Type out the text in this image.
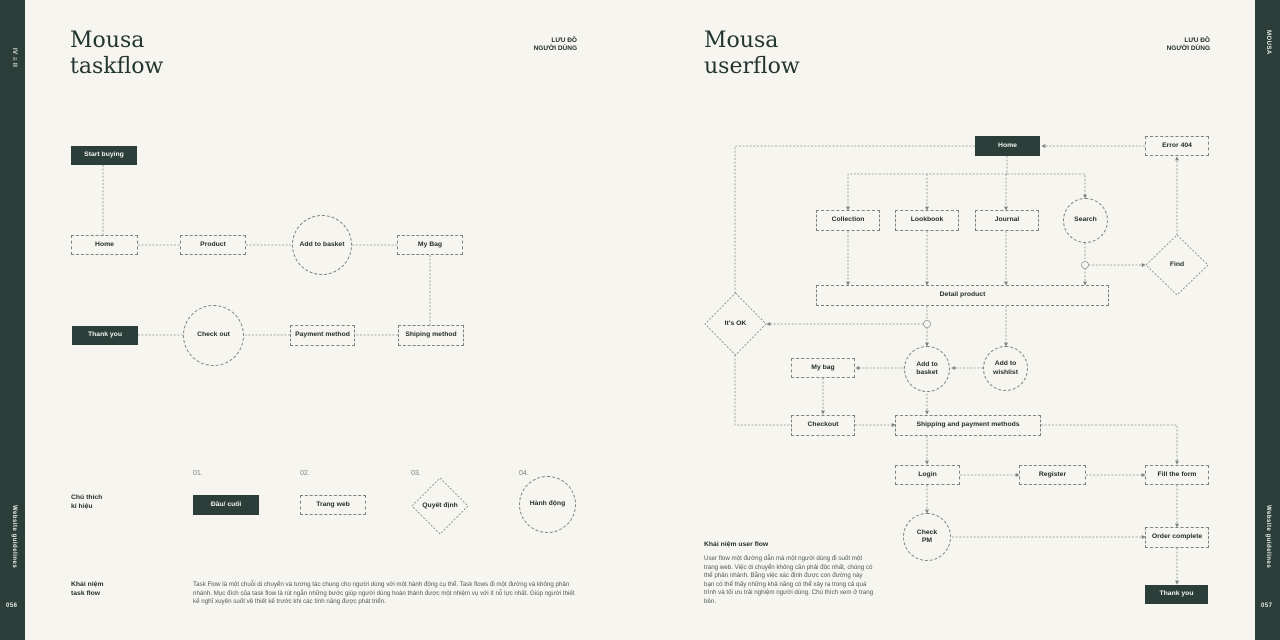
IV ≡ II
Website guidelines
056
MOUSA
Website guidelines
057
Mousa
taskflow
LƯU ĐỒ
NGƯỜI DÙNG
Start buying
Home	Product	Add to basket	My Bag
Thank you	Check out	Payment method	Shiping method
Chú thích
kí hiệu
01.	02.	03.	04.
Đầu/ cuối	Trang web	Quyết định	Hành động
Khái niệm
task flow
Task Flow là một chuỗi di chuyển và tương tác chung cho người dùng với một hành động cụ thể. Task flows đi một đường và không phân nhánh. Mục đích của task flow là rút ngắn những bước giúp người dùng hoàn thành được một nhiệm vụ với ít nỗ lực nhất. Giúp người thiết kế nghĩ xuyên suốt về thiết kế trước khi các tính năng được phát triển.
Mousa
userflow
LƯU ĐỒ
NGƯỜI DÙNG
Home	Error 404
Collection	Lookbook	Journal	Search
Find
Detail product
It's OK
My bag	Add to
basket
Add to
wishlist
Checkout	Shipping and payment methods
Login	Register	Fill the form
Check
PM
Order complete
Thank you
Khái niệm user flow
User flow một đường dẫn mà một người dùng đi suốt một trang web. Việc di chuyển không cần phải độc nhất, chúng có thể phân nhánh. Bằng việc xác định được con đường này bạn có thể thấy những khả năng có thể xảy ra trong cả quá trình và tối ưu trải nghiệm người dùng. Chú thích xem ở trang bên.
